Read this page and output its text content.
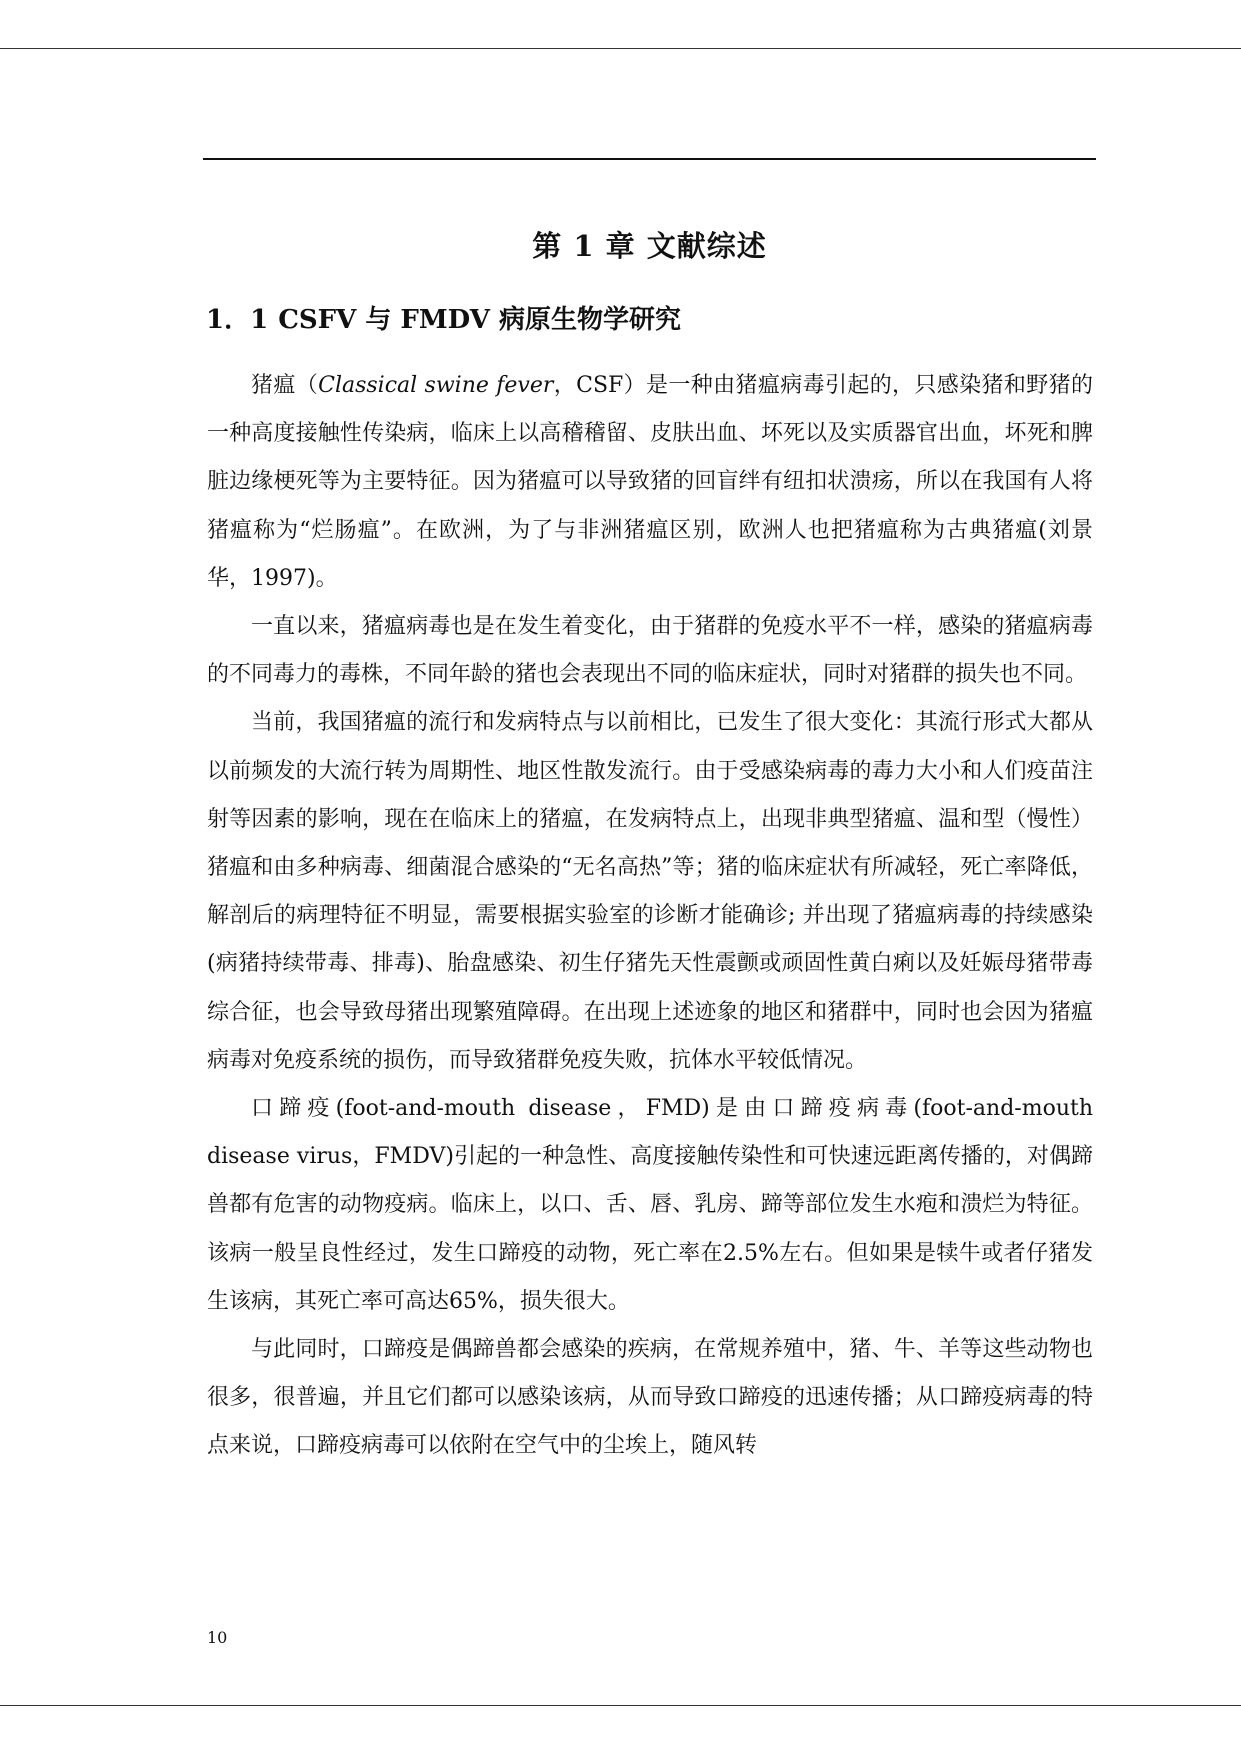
第 1 章 文献综述
1．1 CSFV 与 FMDV 病原生物学研究

猪瘟（Classical swine fever，CSF）是一种由猪瘟病毒引起的，只感染猪和野猪的一种高度接触性传染病，临床上以高稽稽留、皮肤出血、坏死以及实质器官出血，坏死和脾脏边缘梗死等为主要特征。因为猪瘟可以导致猪的回盲绊有纽扣状溃疡，所以在我国有人将猪瘟称为“烂肠瘟”。在欧洲，为了与非洲猪瘟区别，欧洲人也把猪瘟称为古典猪瘟(刘景华，1997)。

一直以来，猪瘟病毒也是在发生着变化，由于猪群的免疫水平不一样，感染的猪瘟病毒的不同毒力的毒株，不同年龄的猪也会表现出不同的临床症状，同时对猪群的损失也不同。

当前，我国猪瘟的流行和发病特点与以前相比，已发生了很大变化：其流行形式大都从以前频发的大流行转为周期性、地区性散发流行。由于受感染病毒的毒力大小和人们疫苗注射等因素的影响，现在在临床上的猪瘟，在发病特点上，出现非典型猪瘟、温和型（慢性）猪瘟和由多种病毒、细菌混合感染的“无名高热”等；猪的临床症状有所减轻，死亡率降低，解剖后的病理特征不明显，需要根据实验室的诊断才能确诊; 并出现了猪瘟病毒的持续感染(病猪持续带毒、排毒)、胎盘感染、初生仔猪先天性震颤或顽固性黄白痢以及妊娠母猪带毒综合征，也会导致母猪出现繁殖障碍。在出现上述迹象的地区和猪群中，同时也会因为猪瘟病毒对免疫系统的损伤，而导致猪群免疫失败，抗体水平较低情况。

口蹄疫(foot-and-mouth disease，FMD)是由口蹄疫病毒(foot-and-mouth disease virus，FMDV)引起的一种急性、高度接触传染性和可快速远距离传播的，对偶蹄兽都有危害的动物疫病。临床上，以口、舌、唇、乳房、蹄等部位发生水疱和溃烂为特征。该病一般呈良性经过，发生口蹄疫的动物，死亡率在2.5%左右。但如果是犊牛或者仔猪发生该病，其死亡率可高达65%，损失很大。

与此同时，口蹄疫是偶蹄兽都会感染的疾病，在常规养殖中，猪、牛、羊等这些动物也很多，很普遍，并且它们都可以感染该病，从而导致口蹄疫的迅速传播；从口蹄疫病毒的特点来说，口蹄疫病毒可以依附在空气中的尘埃上，随风转

10
